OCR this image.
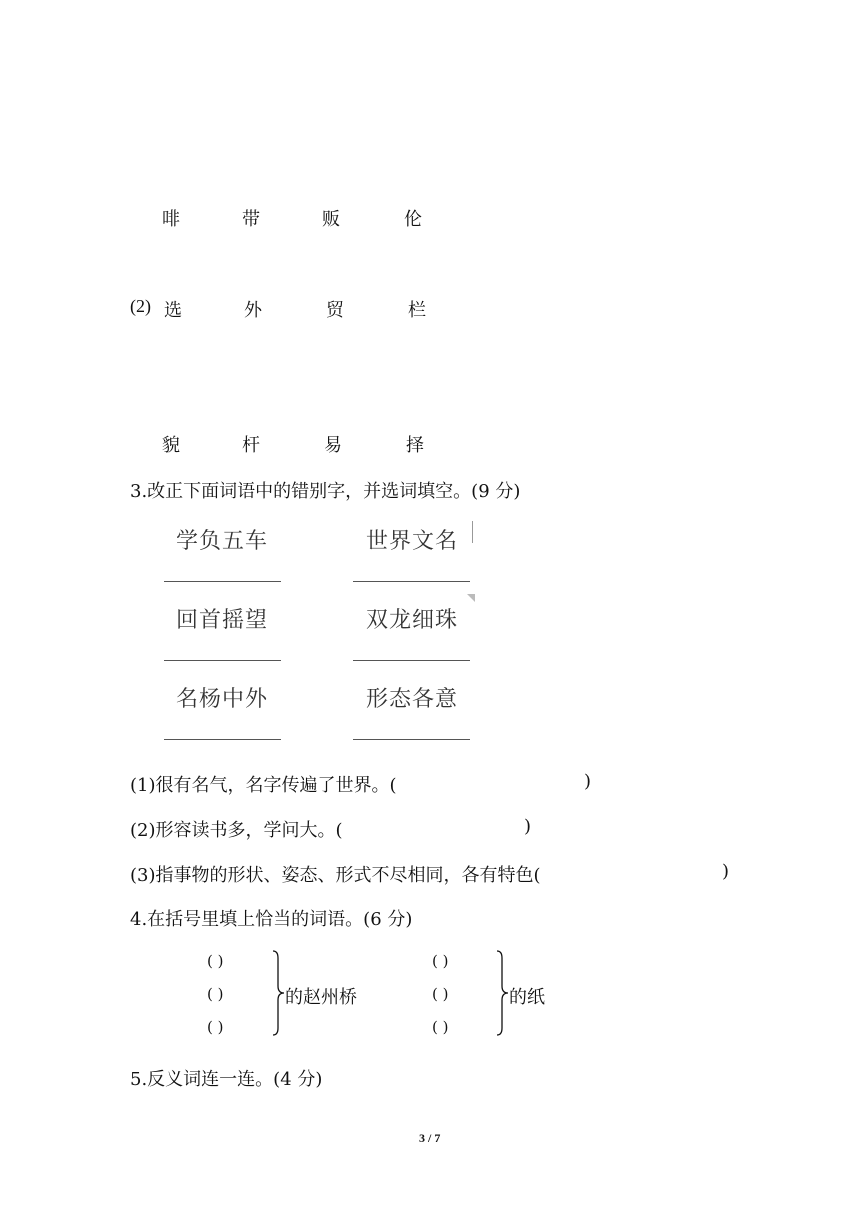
啡	带	贩	伦
(2) 选	外	贸	栏
貌	杆	易	择
3.改正下面词语中的错别字，并选词填空。(9 分)
学负五车	世界文名
回首摇望	双龙细珠
名杨中外	形态各意
(1)很有名气，名字传遍了世界。(	)
(2)形容读书多，学问大。(	)
(3)指事物的形状、姿态、形式不尽相同，各有特色(	)
4.在括号里填上恰当的词语。(6 分)
( )
( )
( )
的赵州桥
( )
( )
( )
的纸
5.反义词连一连。(4 分)
3 / 7
